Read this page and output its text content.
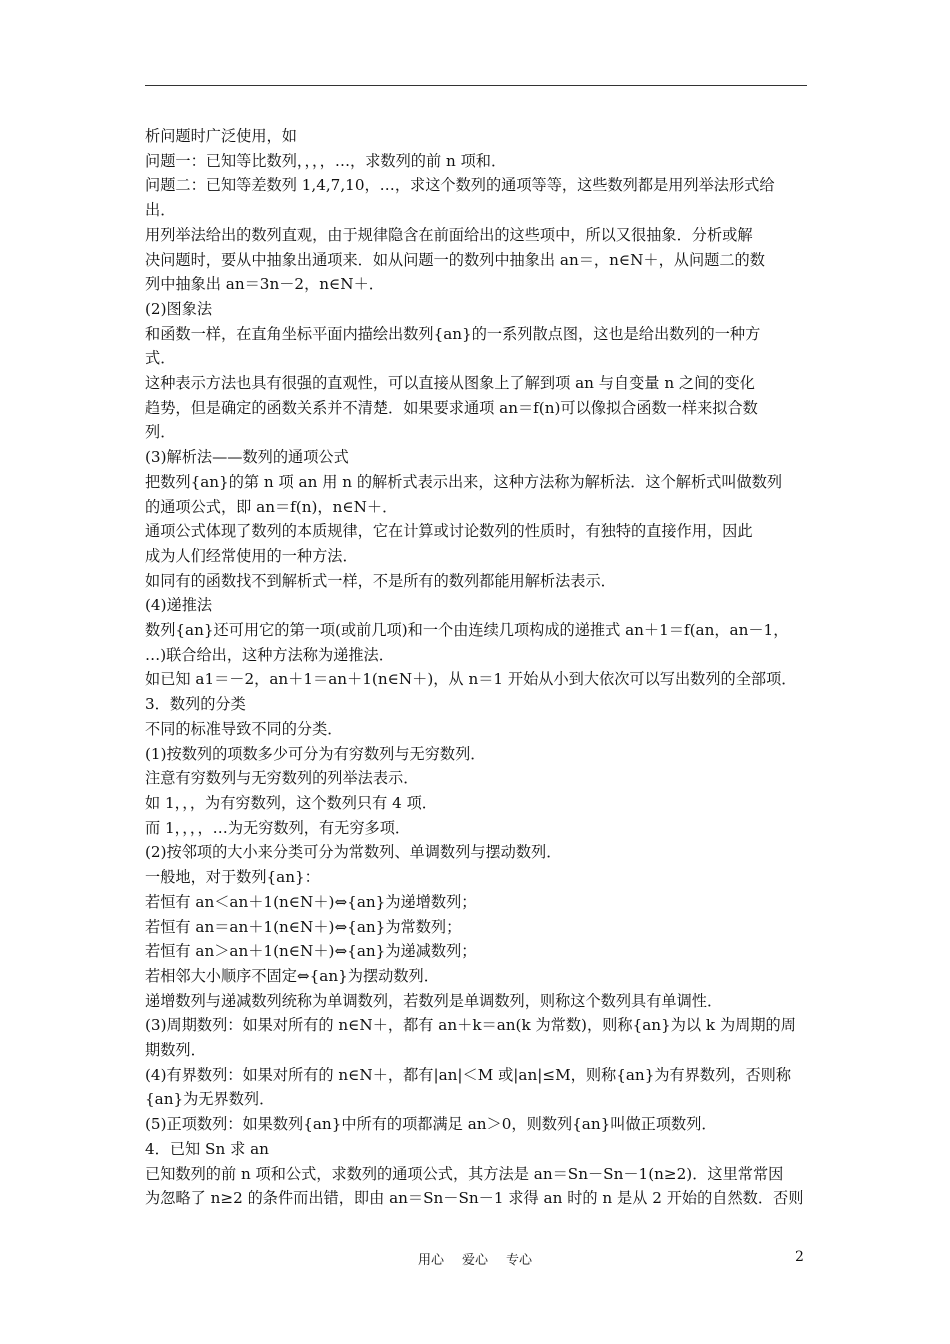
析问题时广泛使用，如

问题一：已知等比数列，，，，…，求数列的前 n 项和．

问题二：已知等差数列 1,4,7,10，…，求这个数列的通项等等，这些数列都是用列举法形式给

出．

用列举法给出的数列直观，由于规律隐含在前面给出的这些项中，所以又很抽象．分析或解

决问题时，要从中抽象出通项来．如从问题一的数列中抽象出 an＝，n∈N＋，从问题二的数

列中抽象出 an＝3n－2，n∈N＋．

(2)图象法

和函数一样，在直角坐标平面内描绘出数列{an}的一系列散点图，这也是给出数列的一种方

式．

这种表示方法也具有很强的直观性，可以直接从图象上了解到项 an 与自变量 n 之间的变化

趋势，但是确定的函数关系并不清楚．如果要求通项 an＝f(n)可以像拟合函数一样来拟合数

列．

(3)解析法——数列的通项公式

把数列{an}的第 n 项 an 用 n 的解析式表示出来，这种方法称为解析法．这个解析式叫做数列

的通项公式，即 an＝f(n)，n∈N＋．

通项公式体现了数列的本质规律，它在计算或讨论数列的性质时，有独特的直接作用，因此

成为人们经常使用的一种方法．

如同有的函数找不到解析式一样，不是所有的数列都能用解析法表示．

(4)递推法

数列{an}还可用它的第一项(或前几项)和一个由连续几项构成的递推式 an＋1＝f(an，an－1，

…)联合给出，这种方法称为递推法．

如已知 a1＝－2，an＋1＝an＋1(n∈N＋)，从 n＝1 开始从小到大依次可以写出数列的全部项．

3．数列的分类

不同的标准导致不同的分类．

(1)按数列的项数多少可分为有穷数列与无穷数列．

注意有穷数列与无穷数列的列举法表示．

如 1，，，为有穷数列，这个数列只有 4 项．

而 1，，，，…为无穷数列，有无穷多项．

(2)按邻项的大小来分类可分为常数列、单调数列与摆动数列．

一般地，对于数列{an}：

若恒有 an＜an＋1(n∈N＋)⇔{an}为递增数列；

若恒有 an＝an＋1(n∈N＋)⇔{an}为常数列；

若恒有 an＞an＋1(n∈N＋)⇔{an}为递减数列；

若相邻大小顺序不固定⇔{an}为摆动数列．

递增数列与递减数列统称为单调数列，若数列是单调数列，则称这个数列具有单调性．

(3)周期数列：如果对所有的 n∈N＋，都有 an＋k＝an(k 为常数)，则称{an}为以 k 为周期的周

期数列．

(4)有界数列：如果对所有的 n∈N＋，都有|an|＜M 或|an|≤M，则称{an}为有界数列，否则称

{an}为无界数列．

(5)正项数列：如果数列{an}中所有的项都满足 an＞0，则数列{an}叫做正项数列．

4．已知 Sn 求 an

已知数列的前 n 项和公式，求数列的通项公式，其方法是 an＝Sn－Sn－1(n≥2)．这里常常因

为忽略了 n≥2 的条件而出错，即由 an＝Sn－Sn－1 求得 an 时的 n 是从 2 开始的自然数．否则

用心 爱心 专心	2
